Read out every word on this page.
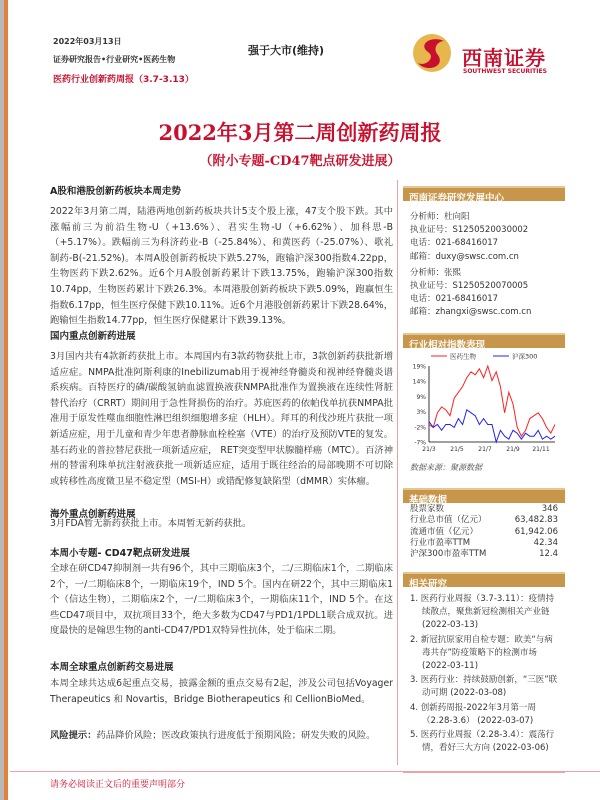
2022年03月13日
证券研究报告•行业研究•医药生物
医药行业创新药周报（3.7-3.13）
强于大市(维持)	西南证券
SOUTHWEST SECURITIES
2022年3月第二周创新药周报
（附小专题-CD47靶点研发进展）
A股和港股创新药板块本周走势
2022年3月第二周，陆港两地创新药板块共计5支个股上涨，47支个股下跌。其中涨幅前三为前沿生物-U（+13.6%）、君实生物-U（+6.62%）、加科思-B（+5.17%）。跌幅前三为科济药业-B（-25.84%）、和黄医药（-25.07%）、歌礼制药-B(-21.52%)。本周A股创新药板块下跌5.27%，跑输沪深300指数4.22pp，生物医药下跌2.62%。近6个月A股创新药累计下跌13.75%，跑输沪深300指数10.74pp，生物医药累计下跌26.3%。本周港股创新药板块下跌5.09%，跑赢恒生指数6.17pp，恒生医疗保健下跌10.11%。近6个月港股创新药累计下跌28.64%，跑输恒生指数14.77pp，恒生医疗保健累计下跌39.13%。
国内重点创新药进展
3月国内共有4款新药获批上市。本周国内有3款药物获批上市，3款创新药获批新增适应症。NMPA批准阿斯利康的Inebilizumab用于视神经脊髓炎和视神经脊髓炎谱系疾病。百特医疗的磷/碳酸氢钠血滤置换液获NMPA批准作为置换液在连续性肾脏替代治疗（CRRT）期间用于急性肾损伤的治疗。苏庇医药的依帕伐单抗获NMPA批准用于原发性噬血细胞性淋巴组织细胞增多症（HLH）。拜耳的利伐沙班片获批一项新适应症，用于儿童和青少年患者静脉血栓栓塞（VTE）的治疗及预防VTE的复发。基石药业的普拉替尼获批一项新适应症， RET突变型甲状腺髓样癌（MTC）。百济神州的替雷利珠单抗注射液获批一项新适应症，适用于既往经治的局部晚期不可切除或转移性高度微卫星不稳定型（MSI-H）或错配修复缺陷型（dMMR）实体瘤。
海外重点创新药进展
3月FDA暂无新药获批上市。本周暂无新药获批。
本周小专题- CD47靶点研发进展
全球在研CD47抑制剂一共有96个，其中三期临床3个，二/三期临床1个，二期临床2个，一/二期临床8个，一期临床19个，IND 5个。国内在研22个，其中三期临床1个（信达生物），二期临床2个，一/二期临床3个，一期临床11个，IND 5个。在这些CD47项目中，双抗项目33个，绝大多数为CD47与PD1/1PDL1联合成双抗。进度最快的是翰思生物的anti-CD47/PD1双特异性抗体，处于临床二期。
本周全球重点创新药交易进展
本周全球共达成6起重点交易，披露金额的重点交易有2起，涉及公司包括Voyager Therapeutics 和 Novartis，Bridge Biotherapeutics 和 CellionBioMed。
风险提示：药品降价风险；医改政策执行进度低于预期风险；研发失败的风险。
西南证券研究发展中心
分析师：杜向阳
执业证号：S1250520030002
电话：021-68416017
邮箱：duxy@swsc.com.cn
分析师：张熙
执业证号：S1250520070005
电话：021-68416017
邮箱：zhangxi@swsc.com.cn
行业相对指数表现
19%
14%
9%
3%
-2%
-7%
21/3 21/5 21/7 21/9 21/11
医药生物	沪深300
数据来源：聚源数据
基础数据
股票家数	346
行业总市值（亿元）	63,482.83
流通市值（亿元）	61,942.06
行业市盈率TTM	42.34
沪深300市盈率TTM	12.4
相关研究
1. 医药行业周报（3.7-3.11）：疫情持续散点，聚焦新冠检测相关产业链 (2022-03-13)
2. 新冠抗原家用自检专题：欧美“与病毒共存”防疫策略下的检测市场 (2022-03-11)
3. 医药行业：持续鼓励创新，“三医”联动可期 (2022-03-08)
4. 创新药周报-2022年3月第一周（2.28-3.6） (2022-03-07)
5. 医药行业周报（2.28-3.4）：震荡行情，看好三大方向 (2022-03-06)
请务必阅读正文后的重要声明部分
